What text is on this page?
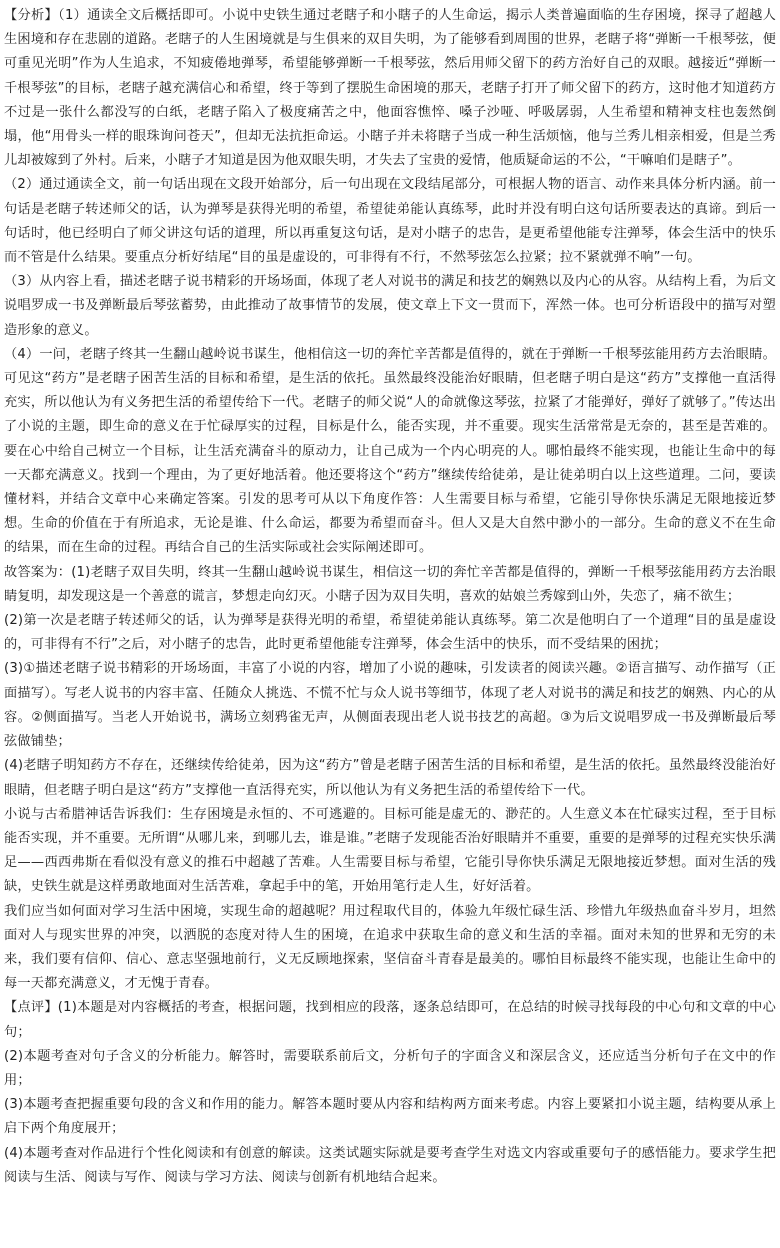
【分析】（1）通读全文后概括即可。小说中史铁生通过老瞎子和小瞎子的人生命运，揭示人类普遍面临的生存困境，探寻了超越人生困境和存在悲剧的道路。老瞎子的人生困境就是与生俱来的双目失明，为了能够看到周围的世界，老瞎子将“弹断一千根琴弦，便可重见光明”作为人生追求，不知疲倦地弹琴，希望能够弹断一千根琴弦，然后用师父留下的药方治好自己的双眼。越接近“弹断一千根琴弦”的目标，老瞎子越充满信心和希望，终于等到了摆脱生命困境的那天，老瞎子打开了师父留下的药方，这时他才知道药方不过是一张什么都没写的白纸，老瞎子陷入了极度痛苦之中，他面容憔悴、嗓子沙哑、呼吸孱弱，人生希望和精神支柱也轰然倒塌，他“用骨头一样的眼珠询问苍天”，但却无法抗拒命运。小瞎子并未将瞎子当成一种生活烦恼，他与兰秀儿相亲相爱，但是兰秀儿却被嫁到了外村。后来，小瞎子才知道是因为他双眼失明，才失去了宝贵的爱情，他质疑命运的不公，“干嘛咱们是瞎子”。

（2）通过通读全文，前一句话出现在文段开始部分，后一句出现在文段结尾部分，可根据人物的语言、动作来具体分析内涵。前一句话是老瞎子转述师父的话，认为弹琴是获得光明的希望，希望徒弟能认真练琴，此时并没有明白这句话所要表达的真谛。到后一句话时，他已经明白了师父讲这句话的道理，所以再重复这句话，是对小瞎子的忠告，是更希望他能专注弹琴，体会生活中的快乐而不管是什么结果。要重点分析好结尾“目的虽是虚设的，可非得有不行，不然琴弦怎么拉紧；拉不紧就弹不响”一句。

（3）从内容上看，描述老瞎子说书精彩的开场场面，体现了老人对说书的满足和技艺的娴熟以及内心的从容。从结构上看，为后文说唱罗成一书及弹断最后琴弦蓄势，由此推动了故事情节的发展，使文章上下文一贯而下，浑然一体。也可分析语段中的描写对塑造形象的意义。

（4）一问，老瞎子终其一生翻山越岭说书谋生，他相信这一切的奔忙辛苦都是值得的，就在于弹断一千根琴弦能用药方去治眼睛。可见这“药方”是老瞎子困苦生活的目标和希望，是生活的依托。虽然最终没能治好眼睛，但老瞎子明白是这“药方”支撑他一直活得充实，所以他认为有义务把生活的希望传给下一代。老瞎子的师父说“人的命就像这琴弦，拉紧了才能弹好，弹好了就够了。”传达出了小说的主题，即生命的意义在于忙碌厚实的过程，目标是什么，能否实现，并不重要。现实生活常常是无奈的，甚至是苦难的。要在心中给自己树立一个目标，让生活充满奋斗的原动力，让自己成为一个内心明亮的人。哪怕最终不能实现，也能让生命中的每一天都充满意义。找到一个理由，为了更好地活着。他还要将这个“药方”继续传给徒弟，是让徒弟明白以上这些道理。二问，要读懂材料，并结合文章中心来确定答案。引发的思考可从以下角度作答：人生需要目标与希望，它能引导你快乐满足无限地接近梦想。生命的价值在于有所追求，无论是谁、什么命运，都要为希望而奋斗。但人又是大自然中渺小的一部分。生命的意义不在生命的结果，而在生命的过程。再结合自己的生活实际或社会实际阐述即可。

故答案为：(1)老瞎子双目失明，终其一生翻山越岭说书谋生，相信这一切的奔忙辛苦都是值得的，弹断一千根琴弦能用药方去治眼睛复明，却发现这是一个善意的谎言，梦想走向幻灭。小瞎子因为双目失明，喜欢的姑娘兰秀嫁到山外，失恋了，痛不欲生；

(2)第一次是老瞎子转述师父的话，认为弹琴是获得光明的希望，希望徒弟能认真练琴。第二次是他明白了一个道理“目的虽是虚设的，可非得有不行”之后，对小瞎子的忠告，此时更希望他能专注弹琴，体会生活中的快乐，而不受结果的困扰；

(3)①描述老瞎子说书精彩的开场场面，丰富了小说的内容，增加了小说的趣味，引发读者的阅读兴趣。②语言描写、动作描写（正面描写）。写老人说书的内容丰富、任随众人挑选、不慌不忙与众人说书等细节，体现了老人对说书的满足和技艺的娴熟、内心的从容。②侧面描写。当老人开始说书，满场立刻鸦雀无声，从侧面表现出老人说书技艺的高超。③为后文说唱罗成一书及弹断最后琴弦做铺垫；

(4)老瞎子明知药方不存在，还继续传给徒弟，因为这“药方”曾是老瞎子困苦生活的目标和希望，是生活的依托。虽然最终没能治好眼睛，但老瞎子明白是这“药方”支撑他一直活得充实，所以他认为有义务把生活的希望传给下一代。

小说与古希腊神话告诉我们：生存困境是永恒的、不可逃避的。目标可能是虚无的、渺茫的。人生意义本在忙碌实过程，至于目标能否实现，并不重要。无所谓“从哪儿来，到哪儿去，谁是谁。”老瞎子发现能否治好眼睛并不重要，重要的是弹琴的过程充实快乐满足——西西弗斯在看似没有意义的推石中超越了苦难。人生需要目标与希望，它能引导你快乐满足无限地接近梦想。面对生活的残缺，史铁生就是这样勇敢地面对生活苦难，拿起手中的笔，开始用笔行走人生，好好活着。

我们应当如何面对学习生活中困境，实现生命的超越呢？用过程取代目的，体验九年级忙碌生活、珍惜九年级热血奋斗岁月，坦然面对人与现实世界的冲突，以洒脱的态度对待人生的困境，在追求中获取生命的意义和生活的幸福。面对未知的世界和无穷的未来，我们要有信仰、信心、意志坚强地前行，义无反顾地探索，坚信奋斗青春是最美的。哪怕目标最终不能实现，也能让生命中的每一天都充满意义，才无愧于青春。

【点评】(1)本题是对内容概括的考查，根据问题，找到相应的段落，逐条总结即可，在总结的时候寻找每段的中心句和文章的中心句；

(2)本题考查对句子含义的分析能力。解答时，需要联系前后文，分析句子的字面含义和深层含义，还应适当分析句子在文中的作用；

(3)本题考查把握重要句段的含义和作用的能力。解答本题时要从内容和结构两方面来考虑。内容上要紧扣小说主题，结构要从承上启下两个角度展开；

(4)本题考查对作品进行个性化阅读和有创意的解读。这类试题实际就是要考查学生对选文内容或重要句子的感悟能力。要求学生把阅读与生活、阅读与写作、阅读与学习方法、阅读与创新有机地结合起来。
